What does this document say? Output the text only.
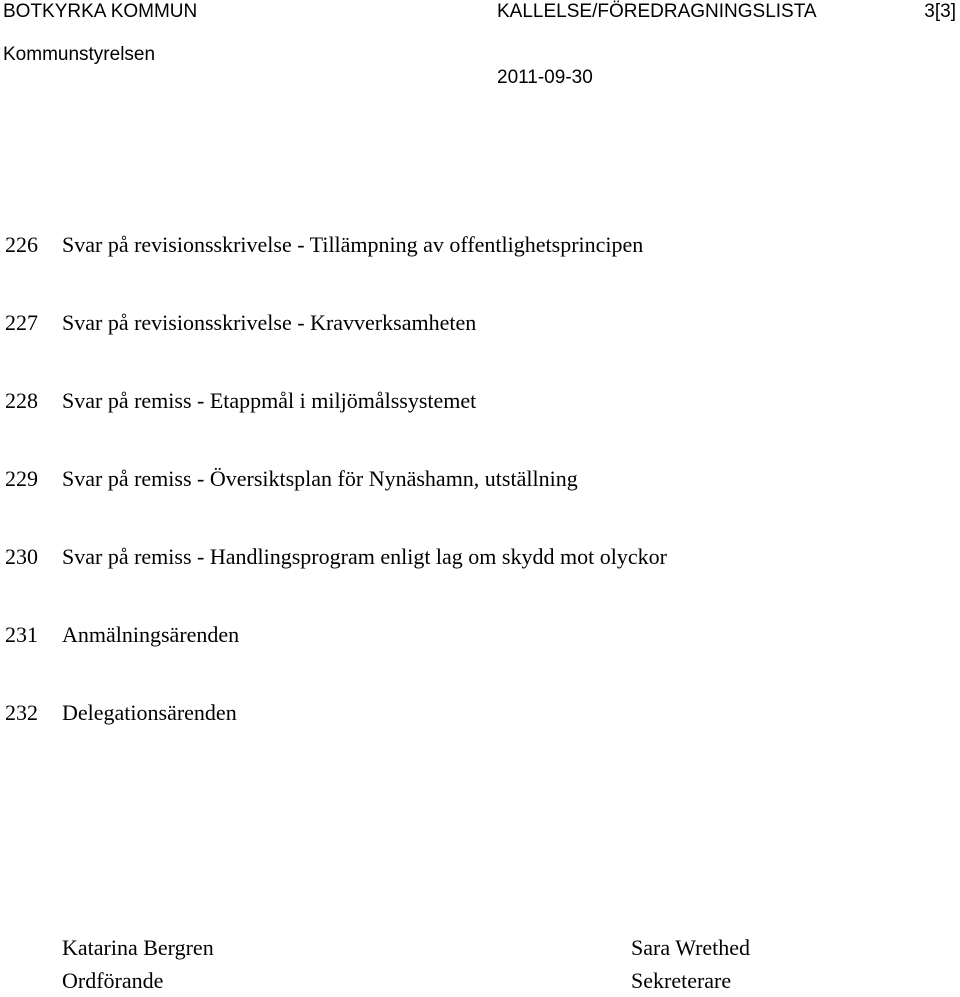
BOTKYRKA KOMMUN	KALLELSE/FÖREDRAGNINGSLISTA	3[3]
Kommunstyrelsen
2011-09-30
226 Svar på revisionsskrivelse - Tillämpning av offentlighetsprincipen
227 Svar på revisionsskrivelse - Kravverksamheten
228 Svar på remiss - Etappmål i miljömålssystemet
229 Svar på remiss - Översiktsplan för Nynäshamn, utställning
230 Svar på remiss - Handlingsprogram enligt lag om skydd mot olyckor
231 Anmälningsärenden
232 Delegationsärenden
Katarina Bergren
Ordförande
Sara Wrethed
Sekreterare
